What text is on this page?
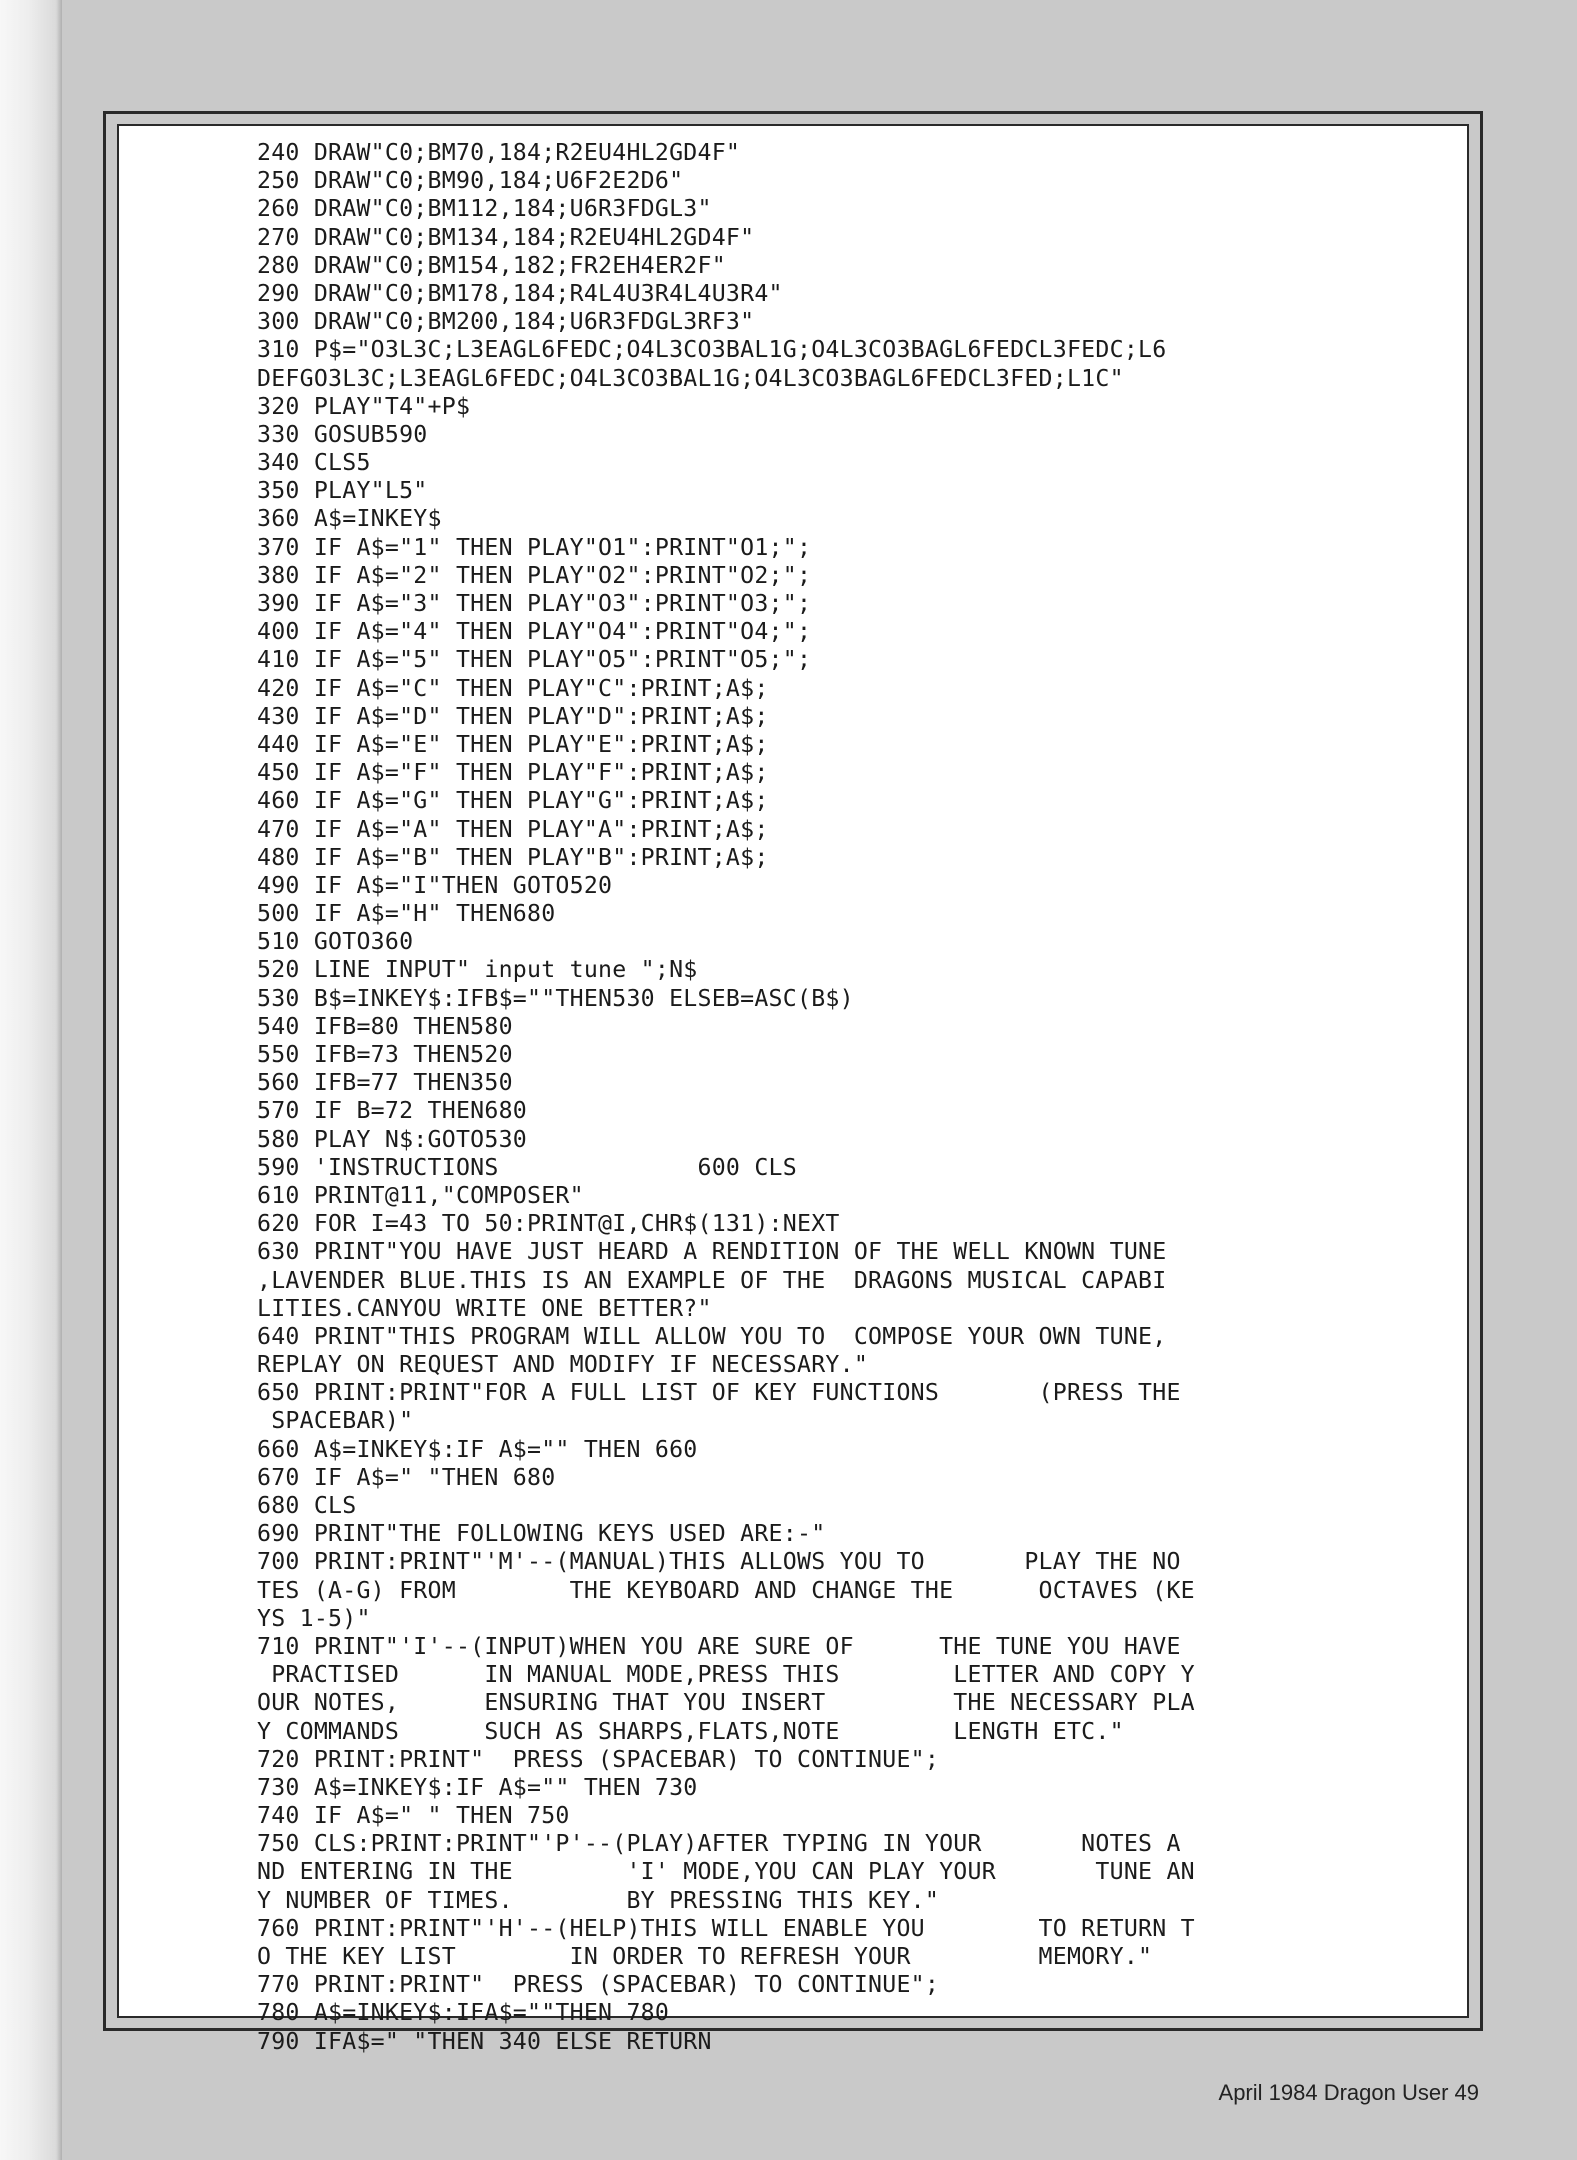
240 DRAW"C0;BM70,184;R2EU4HL2GD4F"
250 DRAW"C0;BM90,184;U6F2E2D6"
260 DRAW"C0;BM112,184;U6R3FDGL3"
270 DRAW"C0;BM134,184;R2EU4HL2GD4F"
280 DRAW"C0;BM154,182;FR2EH4ER2F"
290 DRAW"C0;BM178,184;R4L4U3R4L4U3R4"
300 DRAW"C0;BM200,184;U6R3FDGL3RF3"
310 P$="O3L3C;L3EAGL6FEDC;O4L3CO3BAL1G;O4L3CO3BAGL6FEDCL3FEDC;L6
DEFGO3L3C;L3EAGL6FEDC;O4L3CO3BAL1G;O4L3CO3BAGL6FEDCL3FED;L1C"
320 PLAY"T4"+P$
330 GOSUB590
340 CLS5
350 PLAY"L5"
360 A$=INKEY$
370 IF A$="1" THEN PLAY"O1":PRINT"O1;";
380 IF A$="2" THEN PLAY"O2":PRINT"O2;";
390 IF A$="3" THEN PLAY"O3":PRINT"O3;";
400 IF A$="4" THEN PLAY"O4":PRINT"O4;";
410 IF A$="5" THEN PLAY"O5":PRINT"O5;";
420 IF A$="C" THEN PLAY"C":PRINT;A$;
430 IF A$="D" THEN PLAY"D":PRINT;A$;
440 IF A$="E" THEN PLAY"E":PRINT;A$;
450 IF A$="F" THEN PLAY"F":PRINT;A$;
460 IF A$="G" THEN PLAY"G":PRINT;A$;
470 IF A$="A" THEN PLAY"A":PRINT;A$;
480 IF A$="B" THEN PLAY"B":PRINT;A$;
490 IF A$="I"THEN GOTO520
500 IF A$="H" THEN680
510 GOTO360
520 LINE INPUT" input tune ";N$
530 B$=INKEY$:IFB$=""THEN530 ELSEB=ASC(B$)
540 IFB=80 THEN580
550 IFB=73 THEN520
560 IFB=77 THEN350
570 IF B=72 THEN680
580 PLAY N$:GOTO530
590 'INSTRUCTIONS              600 CLS
610 PRINT@11,"COMPOSER"
620 FOR I=43 TO 50:PRINT@I,CHR$(131):NEXT
630 PRINT"YOU HAVE JUST HEARD A RENDITION OF THE WELL KNOWN TUNE
,LAVENDER BLUE.THIS IS AN EXAMPLE OF THE  DRAGONS MUSICAL CAPABI
LITIES.CANYOU WRITE ONE BETTER?"
640 PRINT"THIS PROGRAM WILL ALLOW YOU TO  COMPOSE YOUR OWN TUNE,
REPLAY ON REQUEST AND MODIFY IF NECESSARY."
650 PRINT:PRINT"FOR A FULL LIST OF KEY FUNCTIONS       (PRESS THE
SPACEBAR)"
660 A$=INKEY$:IF A$="" THEN 660
670 IF A$=" "THEN 680
680 CLS
690 PRINT"THE FOLLOWING KEYS USED ARE:-"
700 PRINT:PRINT"'M'--(MANUAL)THIS ALLOWS YOU TO       PLAY THE NO
TES (A-G) FROM        THE KEYBOARD AND CHANGE THE      OCTAVES (KE
YS 1-5)"
710 PRINT"'I'--(INPUT)WHEN YOU ARE SURE OF      THE TUNE YOU HAVE
PRACTISED      IN MANUAL MODE,PRESS THIS        LETTER AND COPY Y
OUR NOTES,      ENSURING THAT YOU INSERT         THE NECESSARY PLA
Y COMMANDS      SUCH AS SHARPS,FLATS,NOTE        LENGTH ETC."
720 PRINT:PRINT"  PRESS (SPACEBAR) TO CONTINUE";
730 A$=INKEY$:IF A$="" THEN 730
740 IF A$=" " THEN 750
750 CLS:PRINT:PRINT"'P'--(PLAY)AFTER TYPING IN YOUR       NOTES A
ND ENTERING IN THE        'I' MODE,YOU CAN PLAY YOUR       TUNE AN
Y NUMBER OF TIMES.        BY PRESSING THIS KEY."
760 PRINT:PRINT"'H'--(HELP)THIS WILL ENABLE YOU        TO RETURN T
O THE KEY LIST        IN ORDER TO REFRESH YOUR         MEMORY."
770 PRINT:PRINT"  PRESS (SPACEBAR) TO CONTINUE";
780 A$=INKEY$:IFA$=""THEN 780
790 IFA$=" "THEN 340 ELSE RETURN
April 1984 Dragon User 49
